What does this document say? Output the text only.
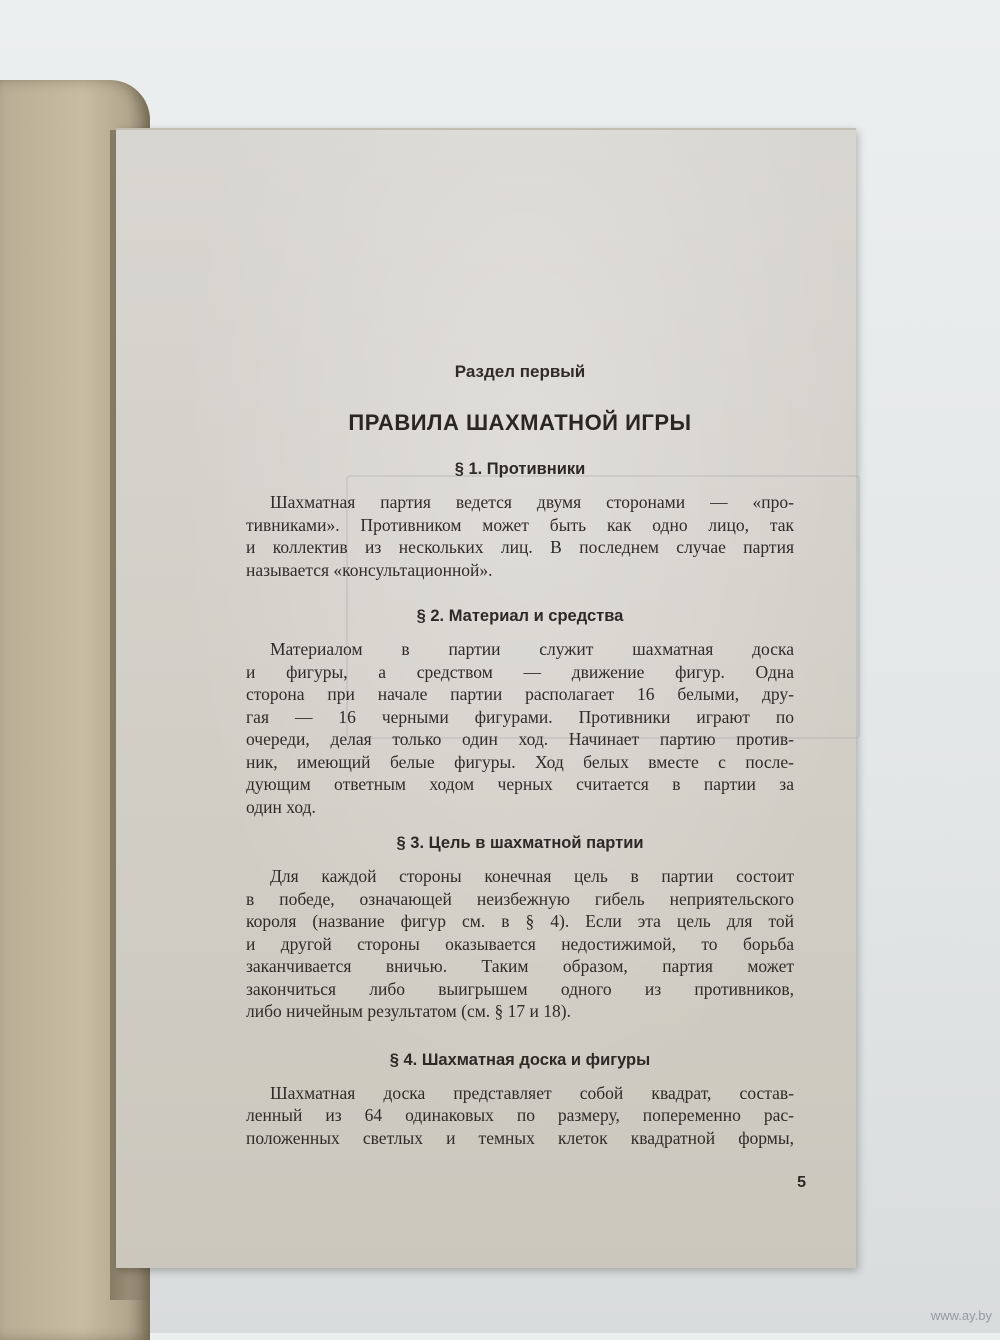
Раздел первый
ПРАВИЛА ШАХМАТНОЙ ИГРЫ
§ 1. Противники

Шахматная партия ведется двумя сторонами — «про-
тивниками». Противником может быть как одно лицо, так
и коллектив из нескольких лиц. В последнем случае партия
называется «консультационной».

§ 2. Материал и средства

Материалом в партии служит шахматная доска
и фигуры, а средством — движение фигур. Одна
сторона при начале партии располагает 16 белыми, дру-
гая — 16 черными фигурами. Противники играют по
очереди, делая только один ход. Начинает партию против-
ник, имеющий белые фигуры. Ход белых вместе с после-
дующим ответным ходом черных считается в партии за
один ход.

§ 3. Цель в шахматной партии

Для каждой стороны конечная цель в партии состоит
в победе, означающей неизбежную гибель неприятельского
короля (название фигур см. в § 4). Если эта цель для той
и другой стороны оказывается недостижимой, то борьба
заканчивается вничью. Таким образом, партия может
закончиться либо выигрышем одного из противников,
либо ничейным результатом (см. § 17 и 18).

§ 4. Шахматная доска и фигуры

Шахматная доска представляет собой квадрат, состав-
ленный из 64 одинаковых по размеру, попеременно рас-
положенных светлых и темных клеток квадратной формы,

5
www.ay.by
